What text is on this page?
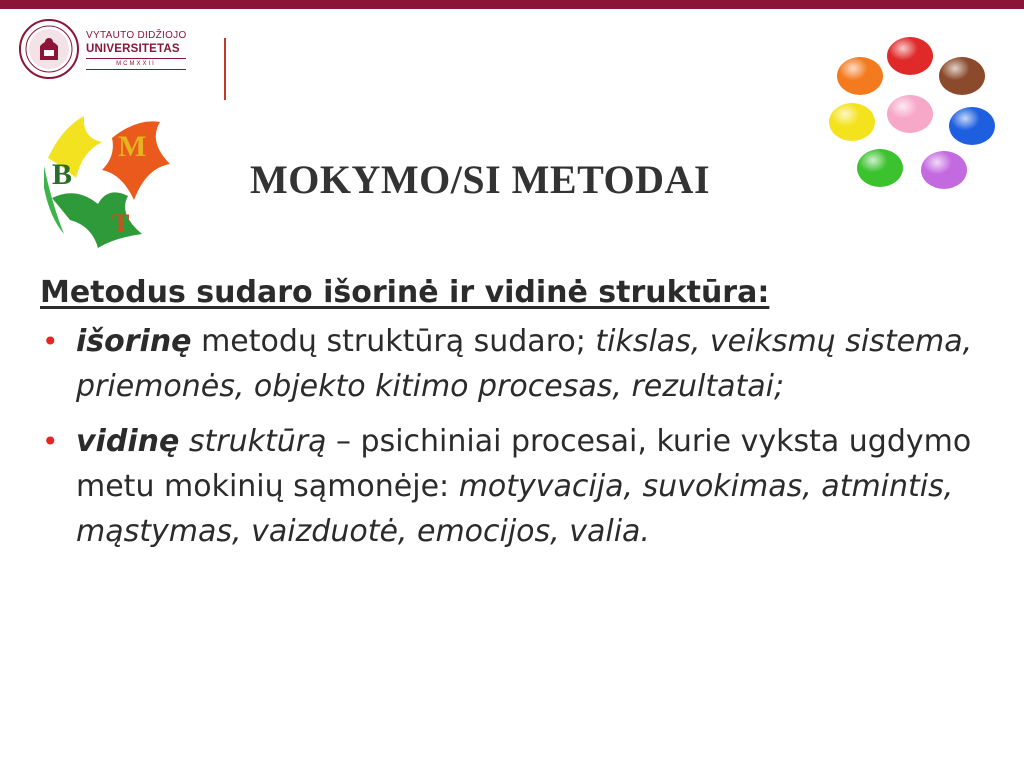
VYTAUTO DIDŽIOJO
UNIVERSITETAS
MCMXXII
B
M
T
MOKYMO/SI METODAI

Metodus sudaro išorinė ir vidinė struktūra:

• išorinę metodų struktūrą sudaro; tikslas, veiksmų sistema, priemonės, objekto kitimo procesas, rezultatai;

• vidinę struktūrą – psichiniai procesai, kurie vyksta ugdymo metu mokinių sąmonėje: motyvacija, suvokimas, atmintis, mąstymas, vaizduotė, emocijos, valia.
